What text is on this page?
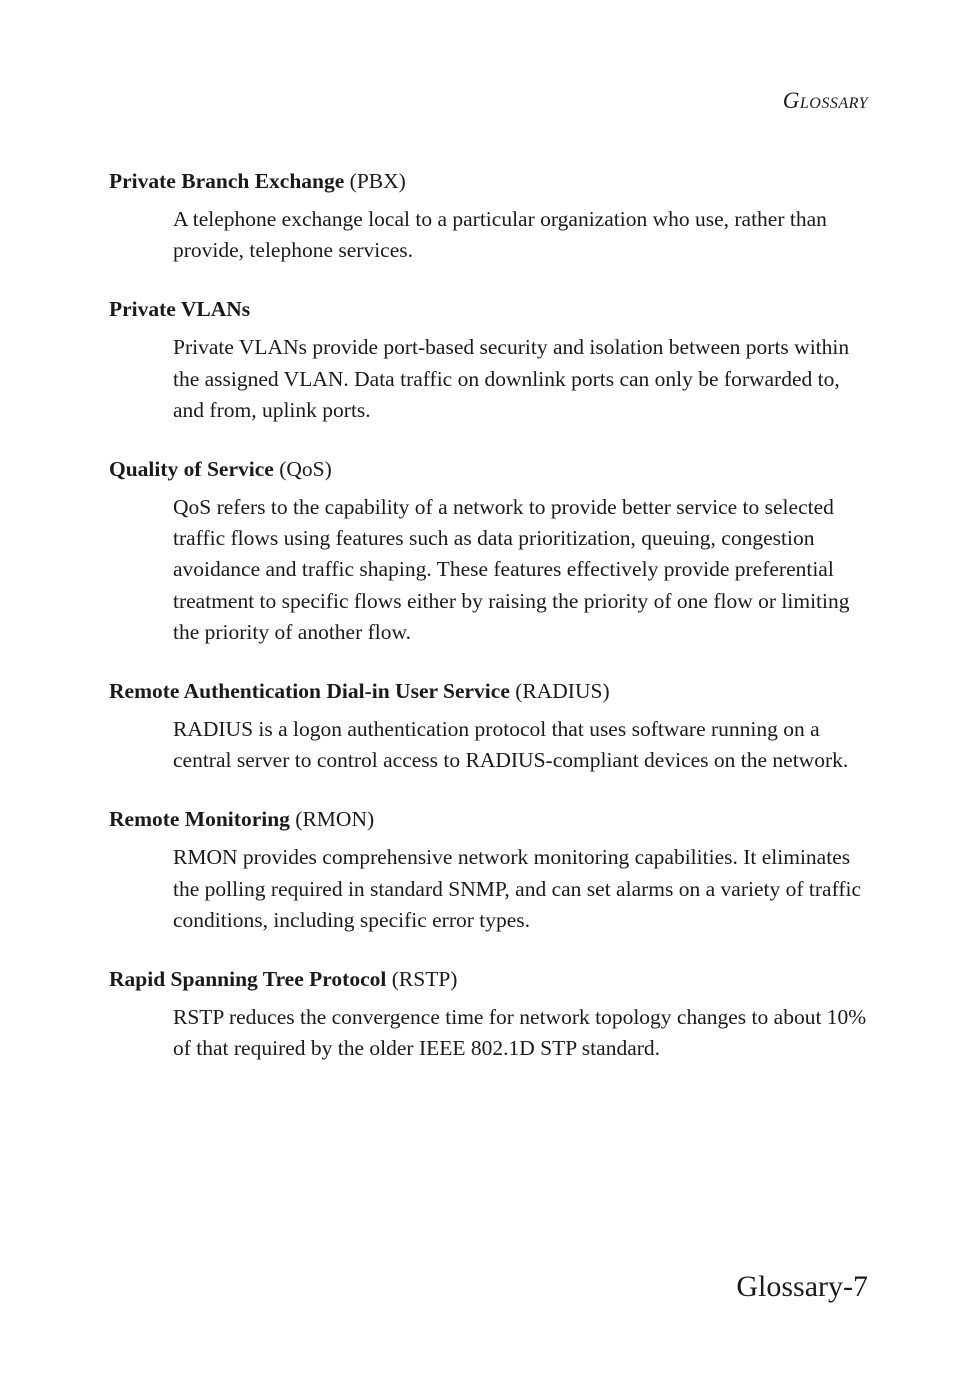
Glossary

Private Branch Exchange (PBX)

A telephone exchange local to a particular organization who use, rather than provide, telephone services.

Private VLANs

Private VLANs provide port-based security and isolation between ports within the assigned VLAN. Data traffic on downlink ports can only be forwarded to, and from, uplink ports.

Quality of Service (QoS)

QoS refers to the capability of a network to provide better service to selected traffic flows using features such as data prioritization, queuing, congestion avoidance and traffic shaping. These features effectively provide preferential treatment to specific flows either by raising the priority of one flow or limiting the priority of another flow.

Remote Authentication Dial-in User Service (RADIUS)

RADIUS is a logon authentication protocol that uses software running on a central server to control access to RADIUS-compliant devices on the network.

Remote Monitoring (RMON)

RMON provides comprehensive network monitoring capabilities. It eliminates the polling required in standard SNMP, and can set alarms on a variety of traffic conditions, including specific error types.

Rapid Spanning Tree Protocol (RSTP)

RSTP reduces the convergence time for network topology changes to about 10% of that required by the older IEEE 802.1D STP standard.

Glossary-7
